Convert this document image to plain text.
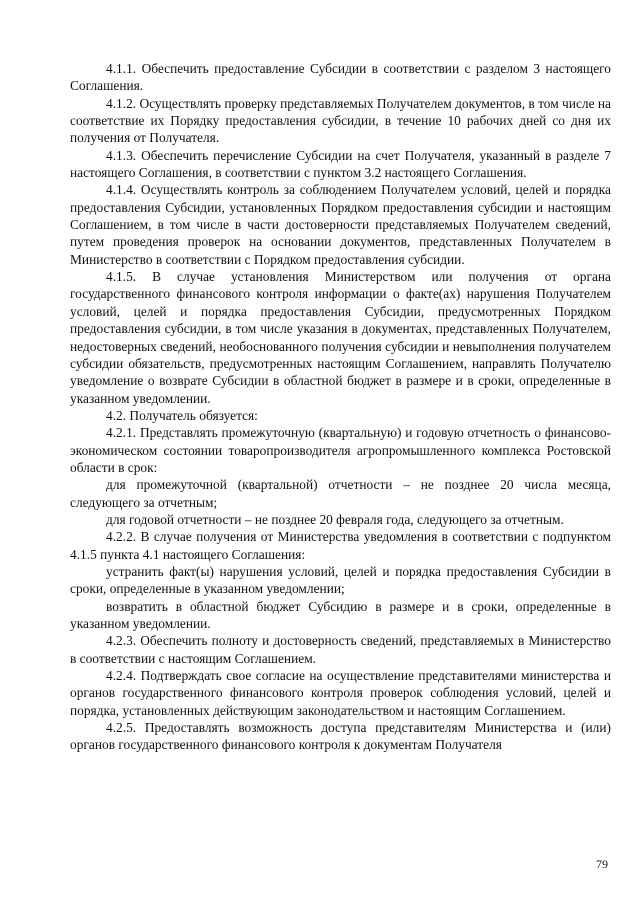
4.1.1. Обеспечить предоставление Субсидии в соответствии с разделом 3 настоящего Соглашения.

4.1.2. Осуществлять проверку представляемых Получателем документов, в том числе на соответствие их Порядку предоставления субсидии, в течение 10 рабочих дней со дня их получения от Получателя.

4.1.3. Обеспечить перечисление Субсидии на счет Получателя, указанный в разделе 7 настоящего Соглашения, в соответствии с пунктом 3.2 настоящего Соглашения.

4.1.4. Осуществлять контроль за соблюдением Получателем условий, целей и порядка предоставления Субсидии, установленных Порядком предоставления субсидии и настоящим Соглашением, в том числе в части достоверности представляемых Получателем сведений, путем проведения проверок на основании документов, представленных Получателем в Министерство в соответствии с Порядком предоставления субсидии.

4.1.5. В случае установления Министерством или получения от органа государственного финансового контроля информации о факте(ах) нарушения Получателем условий, целей и порядка предоставления Субсидии, предусмотренных Порядком предоставления субсидии, в том числе указания в документах, представленных Получателем, недостоверных сведений, необоснованного получения субсидии и невыполнения получателем субсидии обязательств, предусмотренных настоящим Соглашением, направлять Получателю уведомление о возврате Субсидии в областной бюджет в размере и в сроки, определенные в указанном уведомлении.

4.2. Получатель обязуется:

4.2.1. Представлять промежуточную (квартальную) и годовую отчетность о финансово-экономическом состоянии товаропроизводителя агропромышленного комплекса Ростовской области в срок:

для промежуточной (квартальной) отчетности – не позднее 20 числа месяца, следующего за отчетным;

для годовой отчетности – не позднее 20 февраля года, следующего за отчетным.

4.2.2. В случае получения от Министерства уведомления в соответствии с подпунктом 4.1.5 пункта 4.1 настоящего Соглашения:

устранить факт(ы) нарушения условий, целей и порядка предоставления Субсидии в сроки, определенные в указанном уведомлении;

возвратить в областной бюджет Субсидию в размере и в сроки, определенные в указанном уведомлении.

4.2.3. Обеспечить полноту и достоверность сведений, представляемых в Министерство в соответствии с настоящим Соглашением.

4.2.4. Подтверждать свое согласие на осуществление представителями министерства и органов государственного финансового контроля проверок соблюдения условий, целей и порядка, установленных действующим законодательством и настоящим Соглашением.

4.2.5. Предоставлять возможность доступа представителям Министерства и (или) органов государственного финансового контроля к документам Получателя

79
